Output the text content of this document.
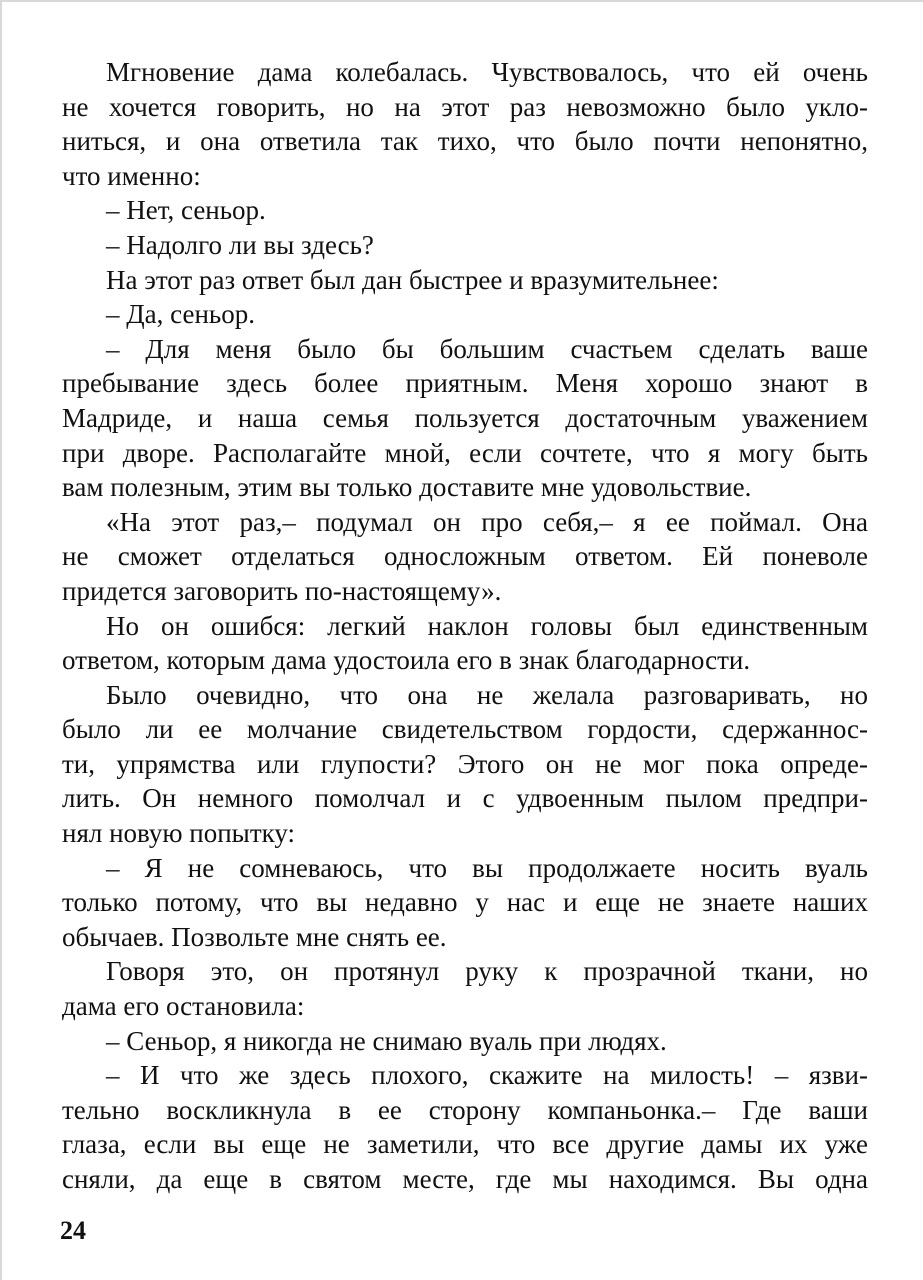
Мгновение дама колебалась. Чувствовалось, что ей очень
не хочется говорить, но на этот раз невозможно было укло-
ниться, и она ответила так тихо, что было почти непонятно,
что именно:
– Нет, сеньор.
– Надолго ли вы здесь?
На этот раз ответ был дан быстрее и вразумительнее:
– Да, сеньор.
– Для меня было бы большим счастьем сделать ваше
пребывание здесь более приятным. Меня хорошо знают в
Мадриде, и наша семья пользуется достаточным уважением
при дворе. Располагайте мной, если сочтете, что я могу быть
вам полезным, этим вы только доставите мне удовольствие.
«На этот раз,– подумал он про себя,– я ее поймал. Она
не сможет отделаться односложным ответом. Ей поневоле
придется заговорить по-настоящему».
Но он ошибся: легкий наклон головы был единственным
ответом, которым дама удостоила его в знак благодарности.
Было очевидно, что она не желала разговаривать, но
было ли ее молчание свидетельством гордости, сдержаннос-
ти, упрямства или глупости? Этого он не мог пока опреде-
лить. Он немного помолчал и с удвоенным пылом предпри-
нял новую попытку:
– Я не сомневаюсь, что вы продолжаете носить вуаль
только потому, что вы недавно у нас и еще не знаете наших
обычаев. Позвольте мне снять ее.
Говоря это, он протянул руку к прозрачной ткани, но
дама его остановила:
– Сеньор, я никогда не снимаю вуаль при людях.
– И что же здесь плохого, скажите на милость! – язви-
тельно воскликнула в ее сторону компаньонка.– Где ваши
глаза, если вы еще не заметили, что все другие дамы их уже
сняли, да еще в святом месте, где мы находимся. Вы одна
24
